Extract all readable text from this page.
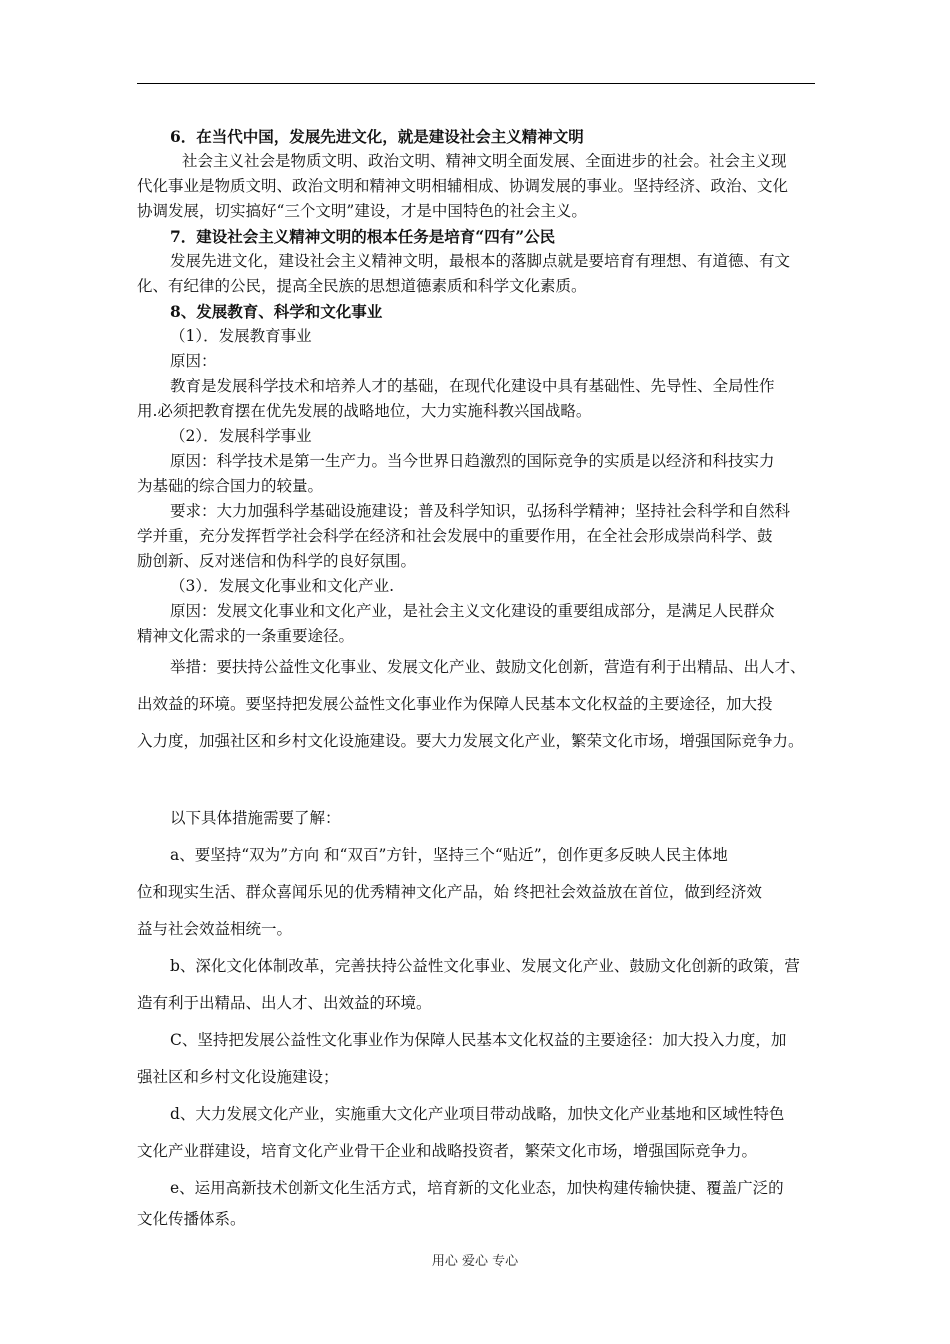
6．在当代中国，发展先进文化，就是建设社会主义精神文明
社会主义社会是物质文明、政治文明、精神文明全面发展、全面进步的社会。社会主义现
代化事业是物质文明、政治文明和精神文明相辅相成、协调发展的事业。坚持经济、政治、文化
协调发展，切实搞好“三个文明”建设，才是中国特色的社会主义。
7．建设社会主义精神文明的根本任务是培育“四有”公民
发展先进文化，建设社会主义精神文明，最根本的落脚点就是要培育有理想、有道德、有文
化、有纪律的公民，提高全民族的思想道德素质和科学文化素质。
8、发展教育、科学和文化事业
（1）．发展教育事业
原因：
教育是发展科学技术和培养人才的基础，在现代化建设中具有基础性、先导性、全局性作
用.必须把教育摆在优先发展的战略地位，大力实施科教兴国战略。
（2）．发展科学事业
原因：科学技术是第一生产力。当今世界日趋激烈的国际竞争的实质是以经济和科技实力
为基础的综合国力的较量。
要求：大力加强科学基础设施建设；普及科学知识，弘扬科学精神；坚持社会科学和自然科
学并重，充分发挥哲学社会科学在经济和社会发展中的重要作用，在全社会形成崇尚科学、鼓
励创新、反对迷信和伪科学的良好氛围。
（3）．发展文化事业和文化产业.
原因：发展文化事业和文化产业，是社会主义文化建设的重要组成部分，是满足人民群众
精神文化需求的一条重要途径。
举措：要扶持公益性文化事业、发展文化产业、鼓励文化创新，营造有利于出精品、出人才、
出效益的环境。要坚持把发展公益性文化事业作为保障人民基本文化权益的主要途径，加大投
入力度，加强社区和乡村文化设施建设。要大力发展文化产业，繁荣文化市场，增强国际竞争力。
以下具体措施需要了解：
a、要坚持“双为”方向 和“双百”方针，坚持三个“贴近”，创作更多反映人民主体地
位和现实生活、群众喜闻乐见的优秀精神文化产品，始 终把社会效益放在首位，做到经济效
益与社会效益相统一。
b、深化文化体制改革，完善扶持公益性文化事业、发展文化产业、鼓励文化创新的政策，营
造有利于出精品、出人才、出效益的环境。
C、坚持把发展公益性文化事业作为保障人民基本文化权益的主要途径：加大投入力度，加
强社区和乡村文化设施建设；
d、大力发展文化产业，实施重大文化产业项目带动战略，加快文化产业基地和区域性特色
文化产业群建设，培育文化产业骨干企业和战略投资者，繁荣文化市场，增强国际竞争力。
e、运用高新技术创新文化生活方式，培育新的文化业态，加快构建传输快捷、覆盖广泛的
文化传播体系。
用心 爱心 专心
